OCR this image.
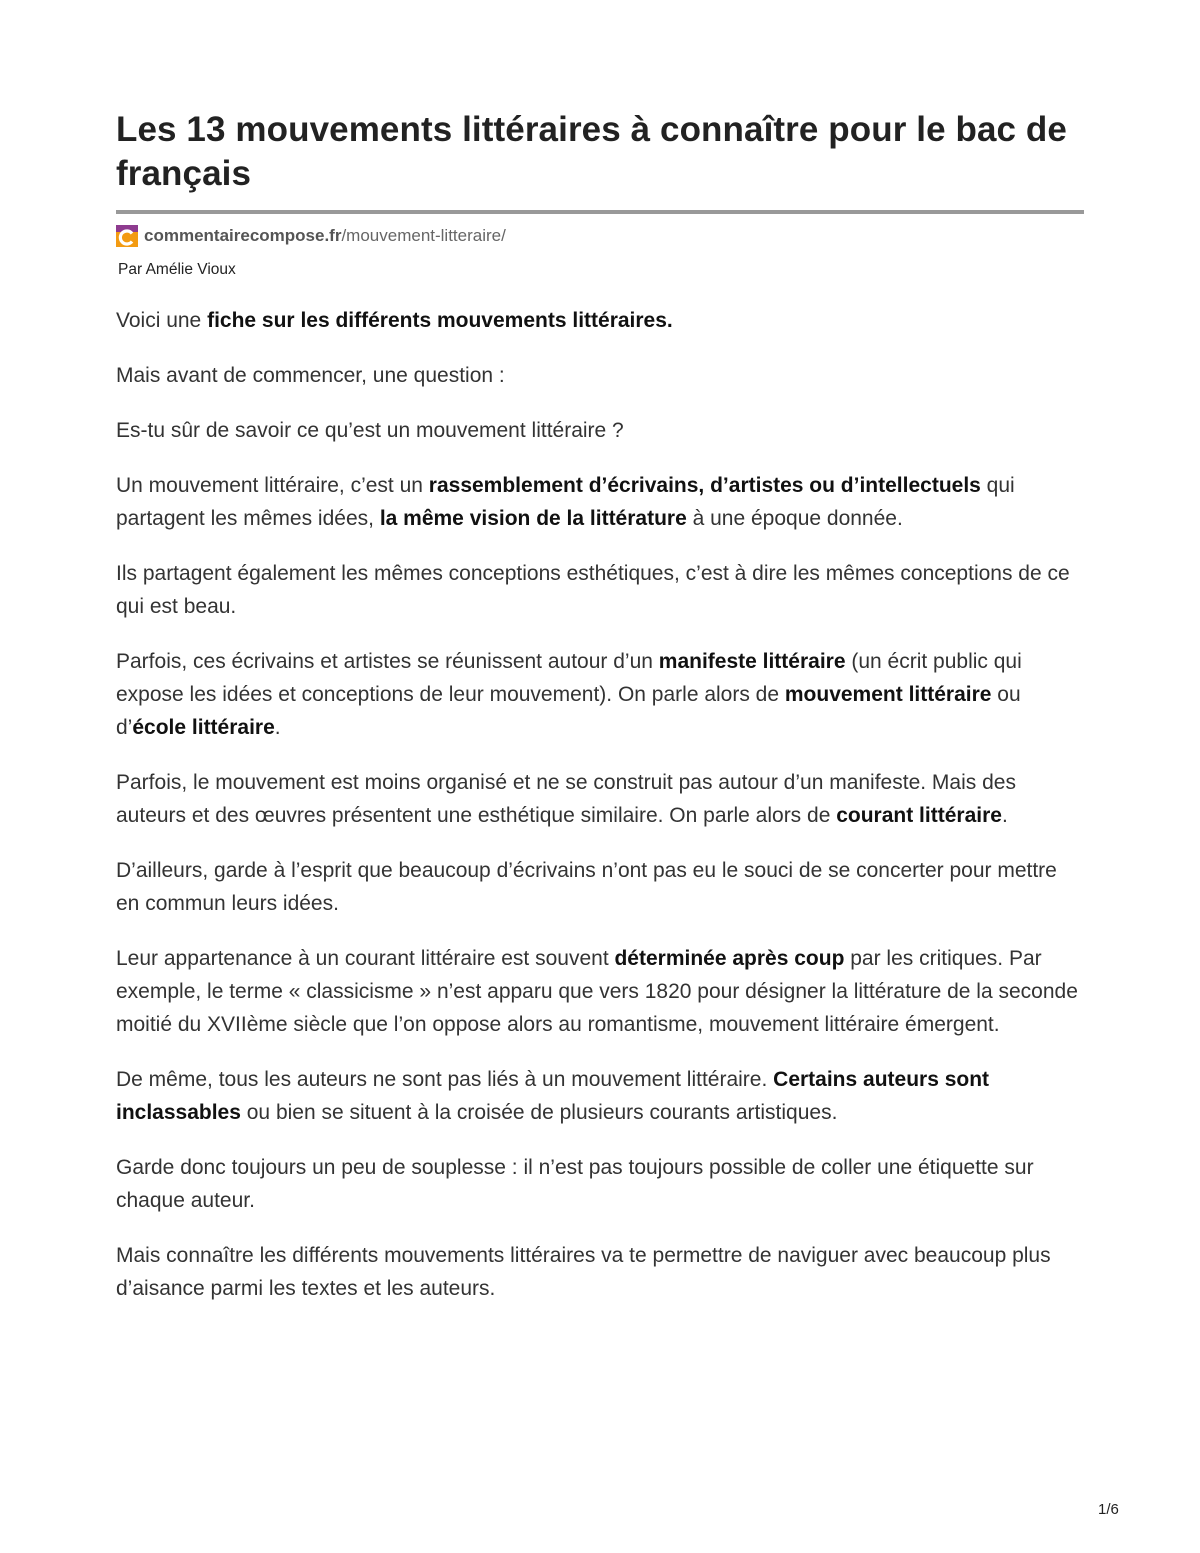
Les 13 mouvements littéraires à connaître pour le bac de français
commentairecompose.fr /mouvement-litteraire/
Par Amélie Vioux

Voici une fiche sur les différents mouvements littéraires.

Mais avant de commencer, une question :

Es-tu sûr de savoir ce qu’est un mouvement littéraire ?

Un mouvement littéraire, c’est un rassemblement d’écrivains, d’artistes ou d’intellectuels qui partagent les mêmes idées, la même vision de la littérature à une époque donnée.

Ils partagent également les mêmes conceptions esthétiques, c’est à dire les mêmes conceptions de ce qui est beau.

Parfois, ces écrivains et artistes se réunissent autour d’un manifeste littéraire (un écrit public qui expose les idées et conceptions de leur mouvement). On parle alors de mouvement littéraire ou d’école littéraire.

Parfois, le mouvement est moins organisé et ne se construit pas autour d’un manifeste. Mais des auteurs et des œuvres présentent une esthétique similaire. On parle alors de courant littéraire.

D’ailleurs, garde à l’esprit que beaucoup d’écrivains n’ont pas eu le souci de se concerter pour mettre en commun leurs idées.

Leur appartenance à un courant littéraire est souvent déterminée après coup par les critiques. Par exemple, le terme « classicisme » n’est apparu que vers 1820 pour désigner la littérature de la seconde moitié du XVIIème siècle que l’on oppose alors au romantisme, mouvement littéraire émergent.

De même, tous les auteurs ne sont pas liés à un mouvement littéraire. Certains auteurs sont inclassables ou bien se situent à la croisée de plusieurs courants artistiques.

Garde donc toujours un peu de souplesse : il n’est pas toujours possible de coller une étiquette sur chaque auteur.

Mais connaître les différents mouvements littéraires va te permettre de naviguer avec beaucoup plus d’aisance parmi les textes et les auteurs.

1/6
